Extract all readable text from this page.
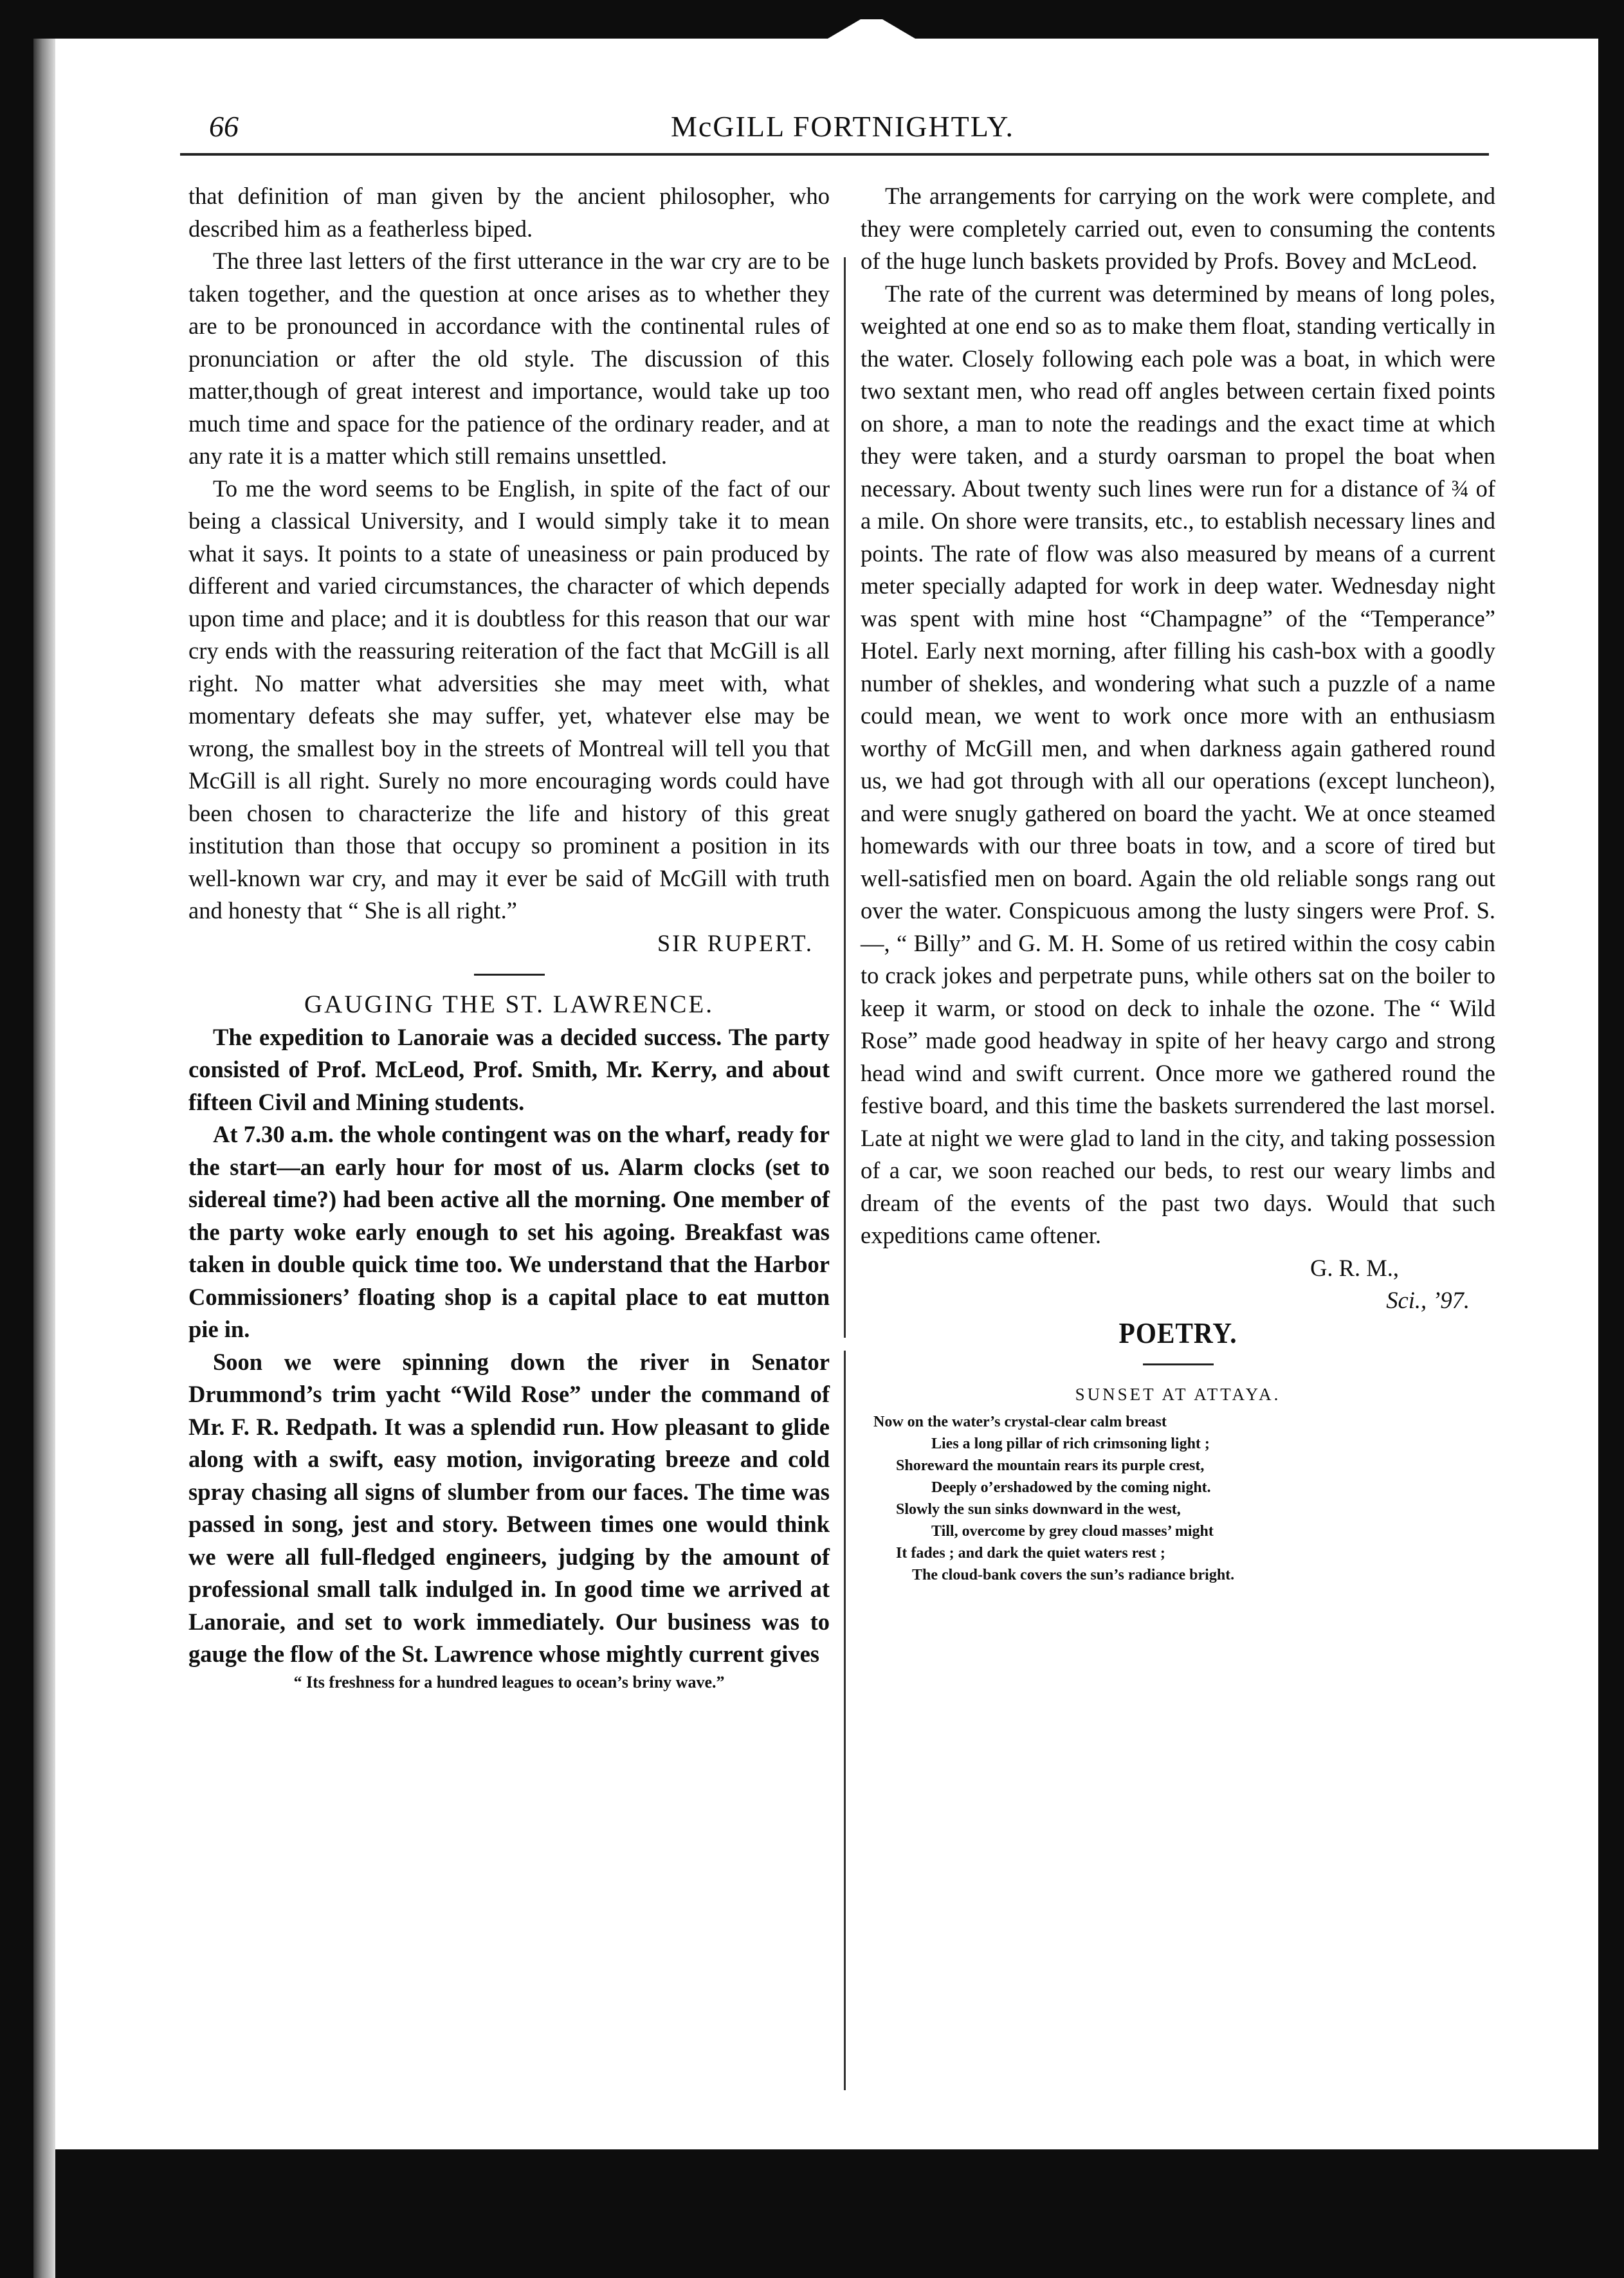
66	McGILL FORTNIGHTLY.

that definition of man given by the ancient philosopher, who described him as a featherless biped.

The three last letters of the first utterance in the war cry are to be taken together, and the question at once arises as to whether they are to be pronounced in accordance with the continental rules of pronunciation or after the old style. The discussion of this matter,though of great interest and importance, would take up too much time and space for the patience of the ordinary reader, and at any rate it is a matter which still remains unsettled.

To me the word seems to be English, in spite of the fact of our being a classical University, and I would simply take it to mean what it says. It points to a state of uneasiness or pain produced by different and varied circumstances, the character of which depends upon time and place; and it is doubtless for this reason that our war cry ends with the reassuring reiteration of the fact that McGill is all right. No matter what adversities she may meet with, what momentary defeats she may suffer, yet, whatever else may be wrong, the smallest boy in the streets of Montreal will tell you that McGill is all right. Surely no more encouraging words could have been chosen to characterize the life and history of this great institution than those that occupy so prominent a position in its well-known war cry, and may it ever be said of McGill with truth and honesty that “ She is all right.”

SIR RUPERT.

GAUGING THE ST. LAWRENCE.

The expedition to Lanoraie was a decided success. The party consisted of Prof. McLeod, Prof. Smith, Mr. Kerry, and about fifteen Civil and Mining students.

At 7.30 a.m. the whole contingent was on the wharf, ready for the start—an early hour for most of us. Alarm clocks (set to sidereal time?) had been active all the morning. One member of the party woke early enough to set his agoing. Breakfast was taken in double quick time too. We understand that the Harbor Commissioners’ floating shop is a capital place to eat mutton pie in.

Soon we were spinning down the river in Senator Drummond’s trim yacht “Wild Rose” under the command of Mr. F. R. Redpath. It was a splendid run. How pleasant to glide along with a swift, easy motion, invigorating breeze and cold spray chasing all signs of slumber from our faces. The time was passed in song, jest and story. Between times one would think we were all full-fledged engineers, judging by the amount of professional small talk indulged in. In good time we arrived at Lanoraie, and set to work immediately. Our business was to gauge the flow of the St. Lawrence whose mightly current gives

“ Its freshness for a hundred leagues to ocean’s briny wave.”

The arrangements for carrying on the work were complete, and they were completely carried out, even to consuming the contents of the huge lunch baskets provided by Profs. Bovey and McLeod.

The rate of the current was determined by means of long poles, weighted at one end so as to make them float, standing vertically in the water. Closely following each pole was a boat, in which were two sextant men, who read off angles between certain fixed points on shore, a man to note the readings and the exact time at which they were taken, and a sturdy oarsman to propel the boat when necessary. About twenty such lines were run for a distance of ¾ of a mile. On shore were transits, etc., to establish necessary lines and points. The rate of flow was also measured by means of a current meter specially adapted for work in deep water. Wednesday night was spent with mine host “Champagne” of the “Temperance” Hotel. Early next morning, after filling his cash-box with a goodly number of shekles, and wondering what such a puzzle of a name could mean, we went to work once more with an enthusiasm worthy of McGill men, and when darkness again gathered round us, we had got through with all our operations (except luncheon), and were snugly gathered on board the yacht. We at once steamed homewards with our three boats in tow, and a score of tired but well-satisfied men on board. Again the old reliable songs rang out over the water. Conspicuous among the lusty singers were Prof. S.—, “ Billy” and G. M. H. Some of us retired within the cosy cabin to crack jokes and perpetrate puns, while others sat on the boiler to keep it warm, or stood on deck to inhale the ozone. The “ Wild Rose” made good headway in spite of her heavy cargo and strong head wind and swift current. Once more we gathered round the festive board, and this time the baskets surrendered the last morsel. Late at night we were glad to land in the city, and taking possession of a car, we soon reached our beds, to rest our weary limbs and dream of the events of the past two days. Would that such expeditions came oftener.

G. R. M.,

Sci., ’97.

POETRY.

SUNSET AT ATTAYA.

Now on the water’s crystal-clear calm breast
Lies a long pillar of rich crimsoning light ;
Shoreward the mountain rears its purple crest,
Deeply o’ershadowed by the coming night.
Slowly the sun sinks downward in the west,
Till, overcome by grey cloud masses’ might
It fades ; and dark the quiet waters rest ;
The cloud-bank covers the sun’s radiance bright.
